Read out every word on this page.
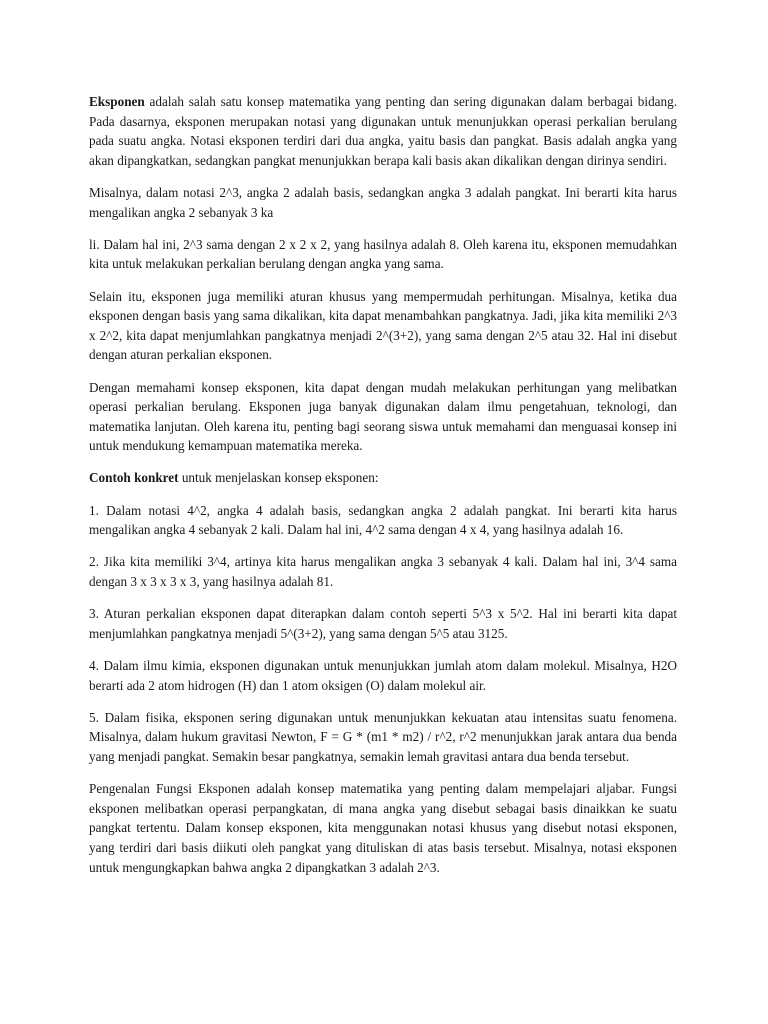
Eksponen adalah salah satu konsep matematika yang penting dan sering digunakan dalam berbagai bidang. Pada dasarnya, eksponen merupakan notasi yang digunakan untuk menunjukkan operasi perkalian berulang pada suatu angka. Notasi eksponen terdiri dari dua angka, yaitu basis dan pangkat. Basis adalah angka yang akan dipangkatkan, sedangkan pangkat menunjukkan berapa kali basis akan dikalikan dengan dirinya sendiri.

Misalnya, dalam notasi 2^3, angka 2 adalah basis, sedangkan angka 3 adalah pangkat. Ini berarti kita harus mengalikan angka 2 sebanyak 3 ka

li. Dalam hal ini, 2^3 sama dengan 2 x 2 x 2, yang hasilnya adalah 8. Oleh karena itu, eksponen memudahkan kita untuk melakukan perkalian berulang dengan angka yang sama.

Selain itu, eksponen juga memiliki aturan khusus yang mempermudah perhitungan. Misalnya, ketika dua eksponen dengan basis yang sama dikalikan, kita dapat menambahkan pangkatnya. Jadi, jika kita memiliki 2^3 x 2^2, kita dapat menjumlahkan pangkatnya menjadi 2^(3+2), yang sama dengan 2^5 atau 32. Hal ini disebut dengan aturan perkalian eksponen.

Dengan memahami konsep eksponen, kita dapat dengan mudah melakukan perhitungan yang melibatkan operasi perkalian berulang. Eksponen juga banyak digunakan dalam ilmu pengetahuan, teknologi, dan matematika lanjutan. Oleh karena itu, penting bagi seorang siswa untuk memahami dan menguasai konsep ini untuk mendukung kemampuan matematika mereka.

Contoh konkret untuk menjelaskan konsep eksponen:

1. Dalam notasi 4^2, angka 4 adalah basis, sedangkan angka 2 adalah pangkat. Ini berarti kita harus mengalikan angka 4 sebanyak 2 kali. Dalam hal ini, 4^2 sama dengan 4 x 4, yang hasilnya adalah 16.

2. Jika kita memiliki 3^4, artinya kita harus mengalikan angka 3 sebanyak 4 kali. Dalam hal ini, 3^4 sama dengan 3 x 3 x 3 x 3, yang hasilnya adalah 81.

3. Aturan perkalian eksponen dapat diterapkan dalam contoh seperti 5^3 x 5^2. Hal ini berarti kita dapat menjumlahkan pangkatnya menjadi 5^(3+2), yang sama dengan 5^5 atau 3125.

4. Dalam ilmu kimia, eksponen digunakan untuk menunjukkan jumlah atom dalam molekul. Misalnya, H2O berarti ada 2 atom hidrogen (H) dan 1 atom oksigen (O) dalam molekul air.

5. Dalam fisika, eksponen sering digunakan untuk menunjukkan kekuatan atau intensitas suatu fenomena. Misalnya, dalam hukum gravitasi Newton, F = G * (m1 * m2) / r^2, r^2 menunjukkan jarak antara dua benda yang menjadi pangkat. Semakin besar pangkatnya, semakin lemah gravitasi antara dua benda tersebut.

Pengenalan Fungsi Eksponen adalah konsep matematika yang penting dalam mempelajari aljabar. Fungsi eksponen melibatkan operasi perpangkatan, di mana angka yang disebut sebagai basis dinaikkan ke suatu pangkat tertentu. Dalam konsep eksponen, kita menggunakan notasi khusus yang disebut notasi eksponen, yang terdiri dari basis diikuti oleh pangkat yang dituliskan di atas basis tersebut. Misalnya, notasi eksponen untuk mengungkapkan bahwa angka 2 dipangkatkan 3 adalah 2^3.
